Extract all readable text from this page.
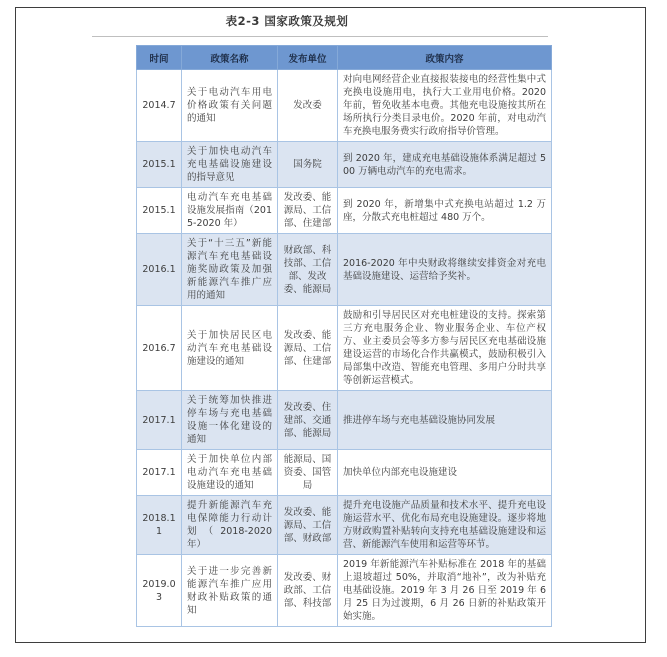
表2-3 国家政策及规划
时间	政策名称	发布单位	政策内容
2014.7	关于电动汽车用电价格政策有关问题的通知	发改委	对向电网经营企业直接报装接电的经营性集中式充换电设施用电，执行大工业用电价格。2020 年前，暂免收基本电费。其他充电设施按其所在场所执行分类目录电价。2020 年前，对电动汽车充换电服务费实行政府指导价管理。
2015.1	关于加快电动汽车充电基础设施建设的指导意见	国务院	到 2020 年，建成充电基础设施体系满足超过 500 万辆电动汽车的充电需求。
2015.1	电动汽车充电基础设施发展指南（2015-2020 年）	发改委、能源局、工信部、住建部	到 2020 年，新增集中式充换电站超过 1.2 万座，分散式充电桩超过 480 万个。
2016.1	关于“十三五”新能源汽车充电基础设施奖励政策及加强新能源汽车推广应用的通知	财政部、科技部、工信部、发改委、能源局	2016-2020 年中央财政将继续安排资金对充电基础设施建设、运营给予奖补。
2016.7	关于加快居民区电动汽车充电基础设施建设的通知	发改委、能源局、工信部、住建部	鼓励和引导居民区对充电桩建设的支持。探索第三方充电服务企业、物业服务企业、车位产权方、业主委员会等多方参与居民区充电基础设施建设运营的市场化合作共赢模式，鼓励积极引入局部集中改造、智能充电管理、多用户分时共享等创新运营模式。
2017.1	关于统筹加快推进停车场与充电基础设施一体化建设的通知	发改委、住建部、交通部、能源局	推进停车场与充电基础设施协同发展
2017.1	关于加快单位内部电动汽车充电基础设施建设的通知	能源局、国资委、国管局	加快单位内部充电设施建设
2018.11	提升新能源汽车充电保障能力行动计划（2018-2020 年）	发改委、能源局、工信部、财政部	提升充电设施产品质量和技术水平、提升充电设施运营水平、优化布局充电设施建设。逐步将地方财政购置补贴转向支持充电基础设施建设和运营、新能源汽车使用和运营等环节。
2019.03	关于进一步完善新能源汽车推广应用财政补贴政策的通知	发改委、财政部、工信部、科技部	2019 年新能源汽车补贴标准在 2018 年的基础上退坡超过 50%，并取消“地补”，改为补贴充电基础设施。2019 年 3 月 26 日至 2019 年 6 月 25 日为过渡期，6 月 26 日新的补贴政策开始实施。
